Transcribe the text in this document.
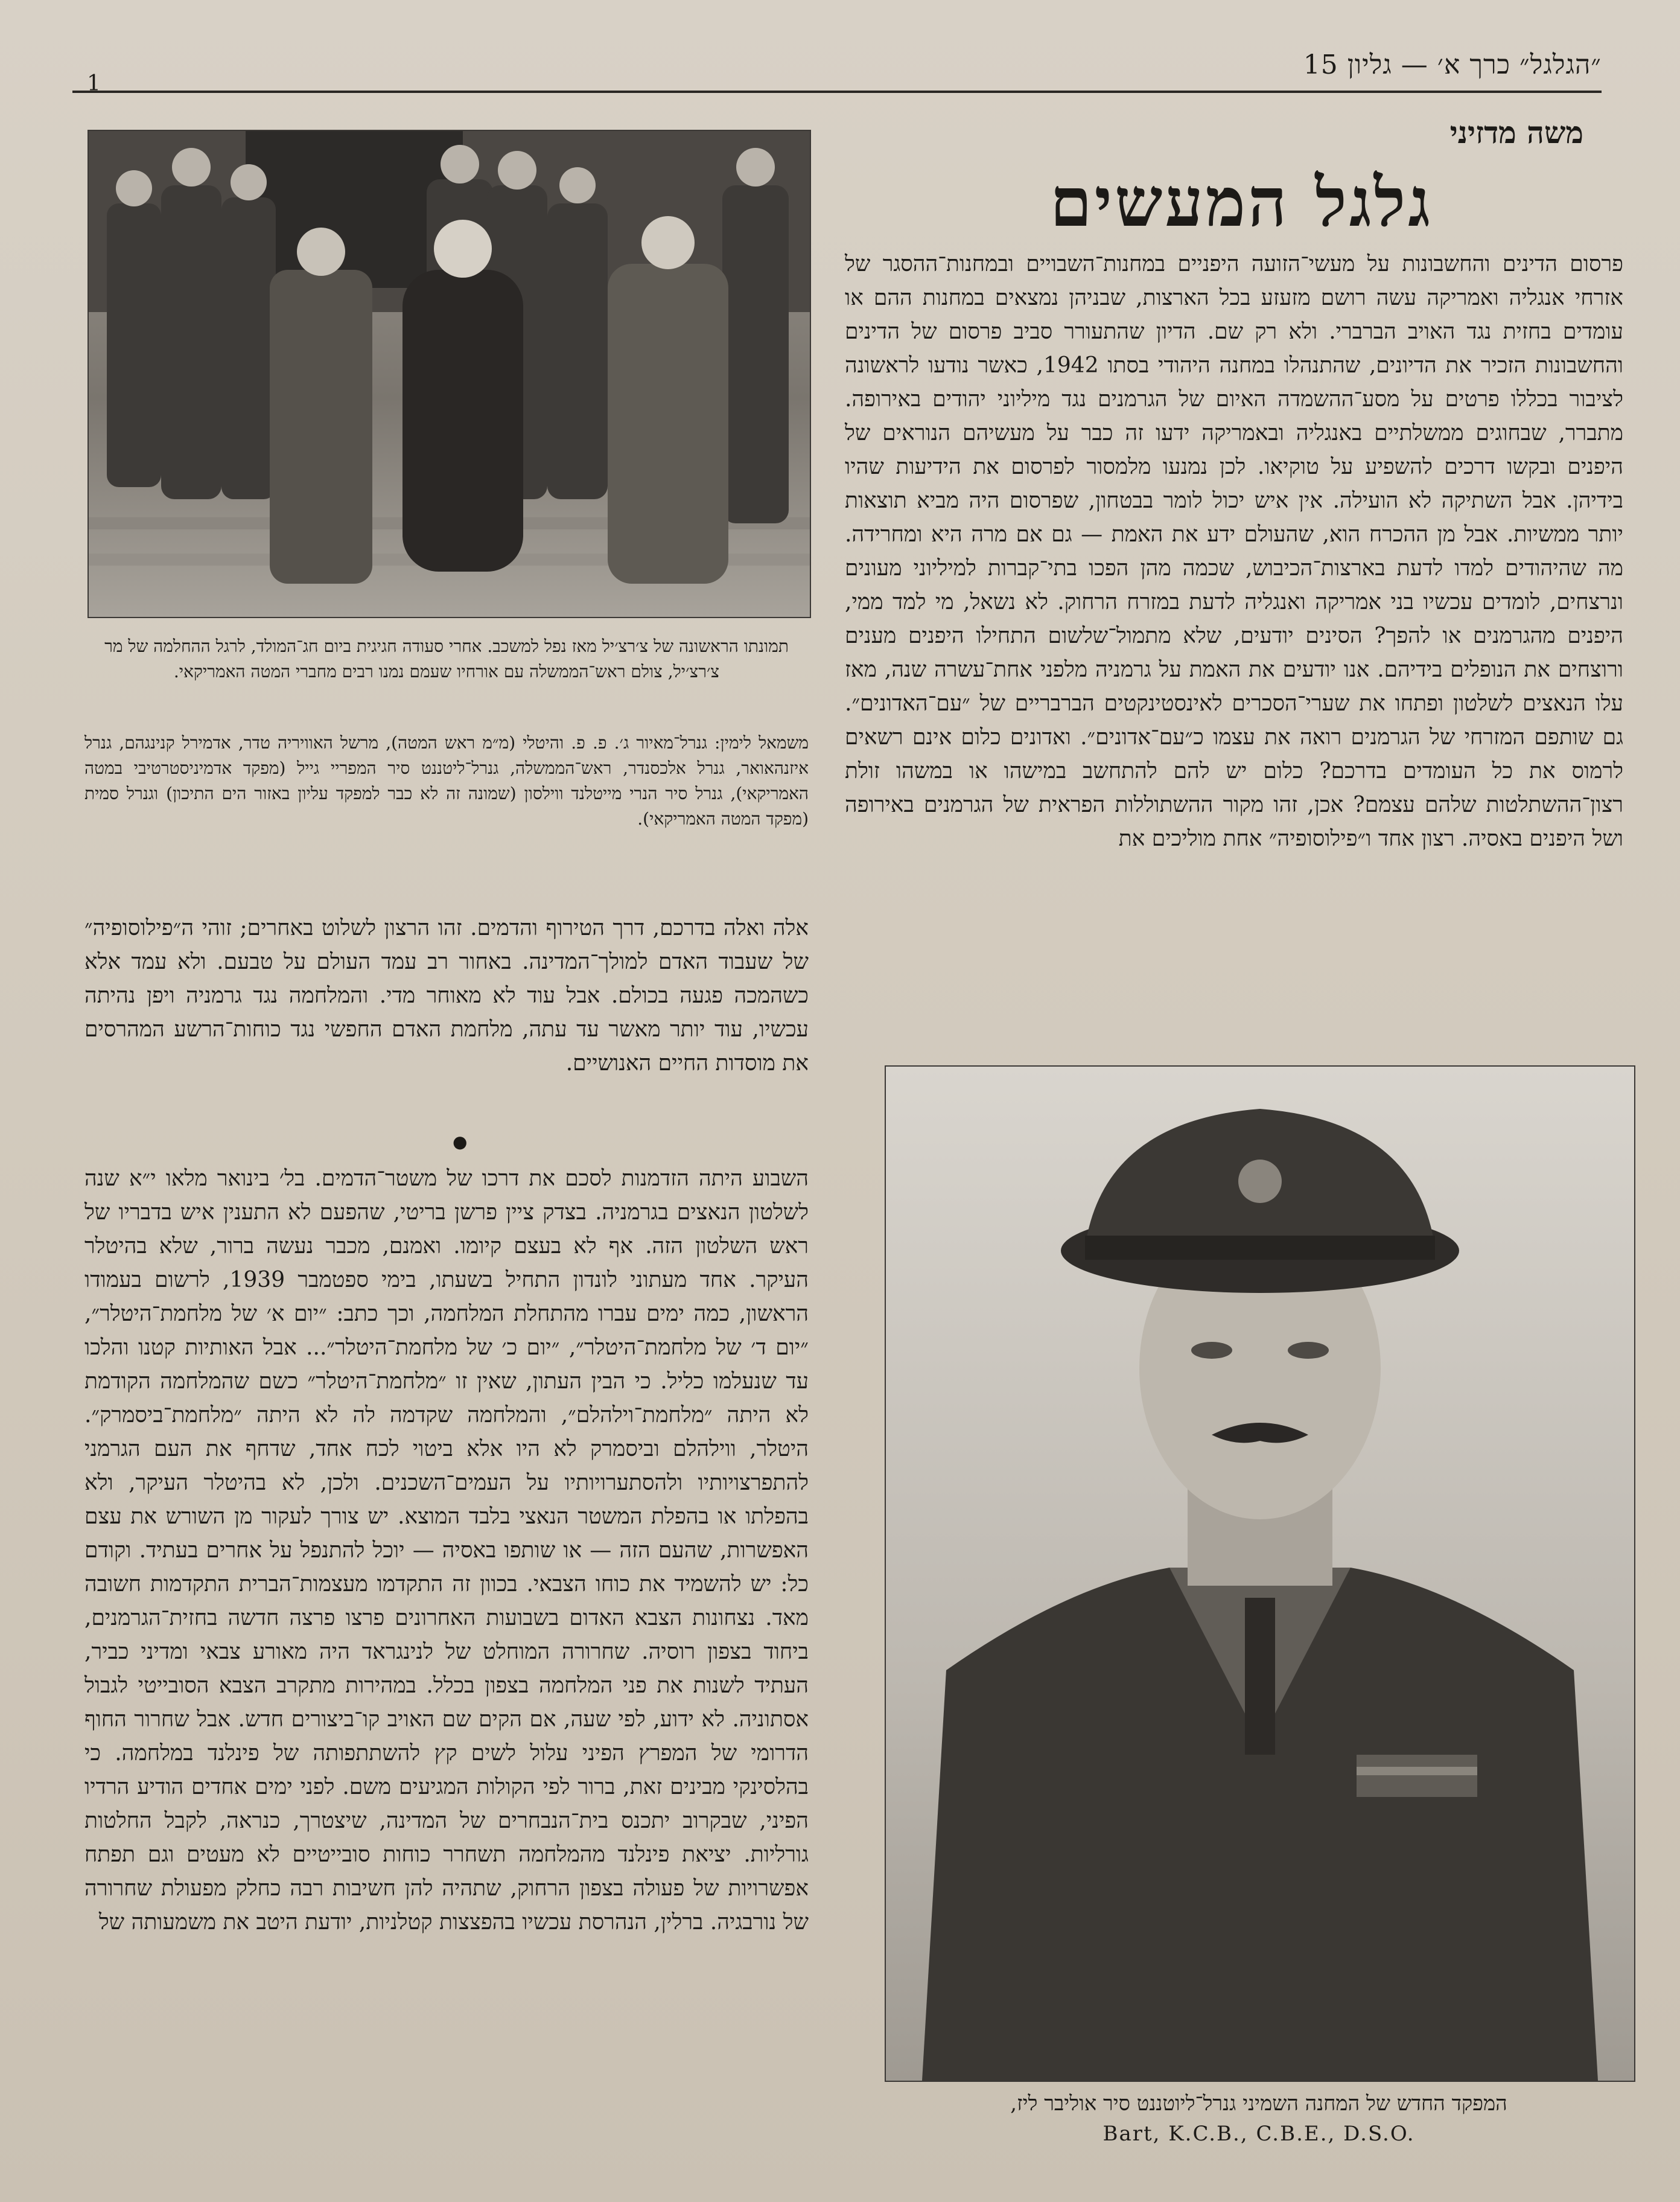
״הגלגל״ כרך א׳ — גליון 15
1
משה מדזיני
גלגל המעשים

פרסום הדינים והחשבונות על מעשי־הזועה היפניים במחנות־השבויים ובמחנות־ההסגר של אזרחי אנגליה ואמריקה עשה רושם מזעזע בכל הארצות, שבניהן נמצאים במחנות ההם או עומדים בחזית נגד האויב הברברי. ולא רק שם. הדיון שהתעורר סביב פרסום של הדינים והחשבונות הזכיר את הדיונים, שהתנהלו במחנה היהודי בסתו 1942, כאשר נודעו לראשונה לציבור בכללו פרטים על מסע־ההשמדה האיום של הגרמנים נגד מיליוני יהודים באירופה. מתברר, שבחוגים ממשלתיים באנגליה ובאמריקה ידעו זה כבר על מעשיהם הנוראים של היפנים ובקשו דרכים להשפיע על טוקיאו. לכן נמנעו מלמסור לפרסום את הידיעות שהיו בידיהן. אבל השתיקה לא הועילה. אין איש יכול לומר בבטחון, שפרסום היה מביא תוצאות יותר ממשיות. אבל מן ההכרח הוא, שהעולם ידע את האמת — גם אם מרה היא ומחרידה. מה שהיהודים למדו לדעת בארצות־הכיבוש, שכמה מהן הפכו בתי־קברות למיליוני מעונים ונרצחים, לומדים עכשיו בני אמריקה ואנגליה לדעת במזרח הרחוק. לא נשאל, מי למד ממי, היפנים מהגרמנים או להפך? הסינים יודעים, שלא מתמול־שלשום התחילו היפנים מענים ורוצחים את הנופלים בידיהם. אנו יודעים את האמת על גרמניה מלפני אחת־עשרה שנה, מאז עלו הנאצים לשלטון ופתחו את שערי־הסכרים לאינסטינקטים הברבריים של ״עם־האדונים״. גם שותפם המזרחי של הגרמנים רואה את עצמו כ״עם־אדונים״. ואדונים כלום אינם רשאים לרמוס את כל העומדים בדרכם? כלום יש להם להתחשב במישהו או במשהו זולת רצון־ההשתלטות שלהם עצמם? אכן, זהו מקור ההשתוללות הפראית של הגרמנים באירופה ושל היפנים באסיה. רצון אחד ו״פילוסופיה״ אחת מוליכים את

תמונתו הראשונה של צ׳רצ׳יל מאז נפל למשכב. אחרי סעודה חגיגית ביום חג־המולד, לרגל ההחלמה של מר צ׳רצ׳יל, צולם ראש־הממשלה עם אורחיו שעמם נמנו רבים מחברי המטה האמריקאי.

משמאל לימין: גנרל־מאיור ג׳. פ. פ. והיטלי (מ״מ ראש המטה), מרשל האוויריה טדר, אדמירל קנינגהם, גנרל איזנהאואר, גנרל אלכסנדר, ראש־הממשלה, גנרל־ליטננט סיר המפריי גייל (מפקד אדמיניסטרטיבי במטה האמריקאי), גנרל סיר הנרי מייטלנד ווילסון (שמונה זה לא כבר למפקד עליון באזור הים התיכון) וגנרל סמית (מפקד המטה האמריקאי).

אלה ואלה בדרכם, דרך הטירוף והדמים. זהו הרצון לשלוט באחרים; זוהי ה״פילוסופיה״ של שעבוד האדם למולך־המדינה. באחור רב עמד העולם על טבעם. ולא עמד אלא כשהמכה פגעה בכולם. אבל עוד לא מאוחר מדי. והמלחמה נגד גרמניה ויפן נהיתה עכשיו, עוד יותר מאשר עד עתה, מלחמת האדם החפשי נגד כוחות־הרשע המהרסים את מוסדות החיים האנושיים.

●

השבוע היתה הזדמנות לסכם את דרכו של משטר־הדמים. בל׳ בינואר מלאו י״א שנה לשלטון הנאצים בגרמניה. בצדק ציין פרשן בריטי, שהפעם לא התענין איש בדבריו של ראש השלטון הזה. אף לא בעצם קיומו. ואמנם, מכבר נעשה ברור, שלא בהיטלר העיקר. אחד מעתוני לונדון התחיל בשעתו, בימי ספטמבר 1939, לרשום בעמודו הראשון, כמה ימים עברו מהתחלת המלחמה, וכך כתב: ״יום א׳ של מלחמת־היטלר״, ״יום ד׳ של מלחמת־היטלר״, ״יום כ׳ של מלחמת־היטלר״... אבל האותיות קטנו והלכו עד שנעלמו כליל. כי הבין העתון, שאין זו ״מלחמת־היטלר״ כשם שהמלחמה הקודמת לא היתה ״מלחמת־וילהלם״, והמלחמה שקדמה לה לא היתה ״מלחמת־ביסמרק״. היטלר, ווילהלם וביסמרק לא היו אלא ביטוי לכח אחד, שדחף את העם הגרמני להתפרצויותיו ולהסתערויותיו על העמים־השכנים. ולכן, לא בהיטלר העיקר, ולא בהפלתו או בהפלת המשטר הנאצי בלבד המוצא. יש צורך לעקור מן השורש את עצם האפשרות, שהעם הזה — או שותפו באסיה — יוכל להתנפל על אחרים בעתיד. וקודם כל: יש להשמיד את כוחו הצבאי. בכוון זה התקדמו מעצמות־הברית התקדמות חשובה מאד. נצחונות הצבא האדום בשבועות האחרונים פרצו פרצה חדשה בחזית־הגרמנים, ביחוד בצפון רוסיה. שחרורה המוחלט של לנינגראד היה מאורע צבאי ומדיני כביר, העתיד לשנות את פני המלחמה בצפון בכלל. במהירות מתקרב הצבא הסובייטי לגבול אסתוניה. לא ידוע, לפי שעה, אם הקים שם האויב קו־ביצורים חדש. אבל שחרור החוף הדרומי של המפרץ הפיני עלול לשים קץ להשתתפותה של פינלנד במלחמה. כי בהלסינקי מבינים זאת, ברור לפי הקולות המגיעים משם. לפני ימים אחדים הודיע הרדיו הפיני, שבקרוב יתכנס בית־הנבחרים של המדינה, שיצטרך, כנראה, לקבל החלטות גורליות. יציאת פינלנד מהמלחמה תשחרר כוחות סובייטיים לא מעטים וגם תפתח אפשרויות של פעולה בצפון הרחוק, שתהיה להן חשיבות רבה כחלק מפעולת שחרורה של נורבגיה. ברלין, הנהרסת עכשיו בהפצצות קטלניות, יודעת היטב את משמעותה של

המפקד החדש של המחנה השמיני גנרל־ליוטננט סיר אוליבר ליז,
Bart, K.C.B., C.B.E., D.S.O.
